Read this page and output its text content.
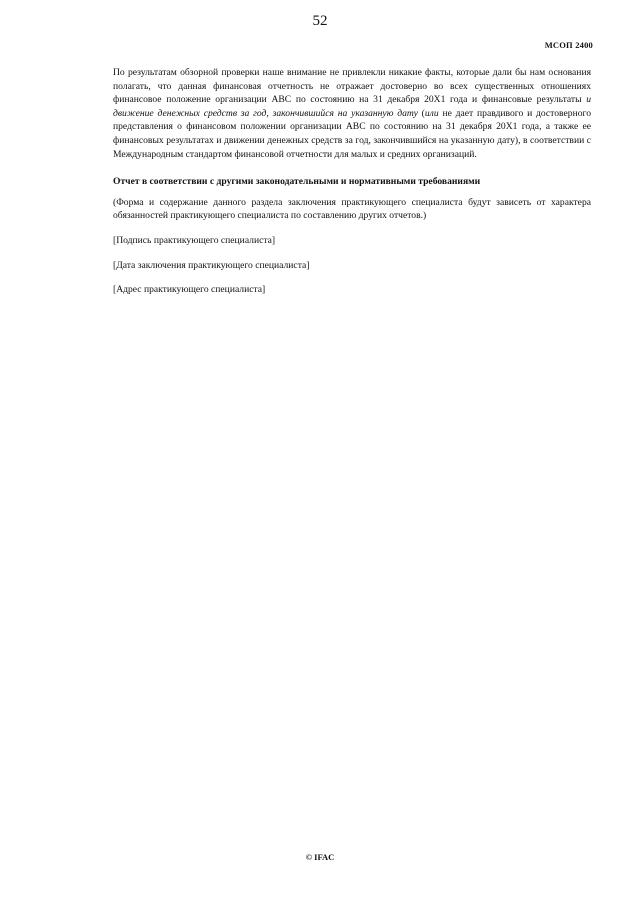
52
МСОП 2400

По результатам обзорной проверки наше внимание не привлекли никакие факты, которые дали бы нам основания полагать, что данная финансовая отчетность не отражает достоверно во всех существенных отношениях финансовое положение организации ABC по состоянию на 31 декабря 20X1 года и финансовые результаты и движение денежных средств за год, закончившийся на указанную дату (или не дает правдивого и достоверного представления о финансовом положении организации ABC по состоянию на 31 декабря 20X1 года, а также ее финансовых результатах и движении денежных средств за год, закончившийся на указанную дату), в соответствии с Международным стандартом финансовой отчетности для малых и средних организаций.

Отчет в соответствии с другими законодательными и нормативными требованиями

(Форма и содержание данного раздела заключения практикующего специалиста будут зависеть от характера обязанностей практикующего специалиста по составлению других отчетов.)

[Подпись практикующего специалиста]

[Дата заключения практикующего специалиста]

[Адрес практикующего специалиста]

© IFAC
